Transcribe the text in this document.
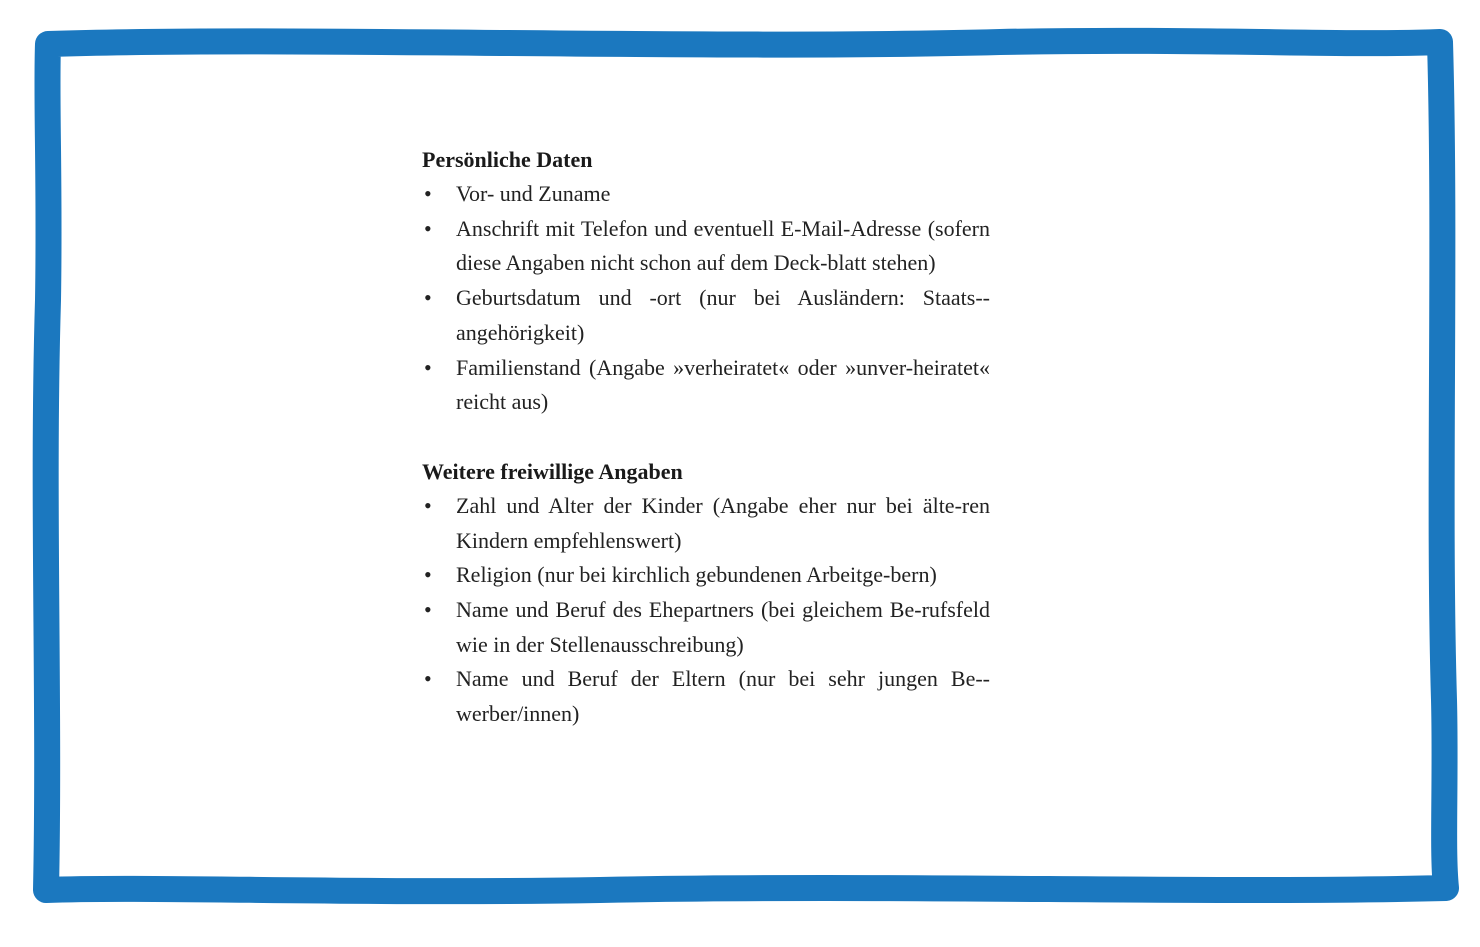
Persönliche Daten
• Vor- und Zuname
• Anschrift mit Telefon und eventuell E-Mail-Adresse (sofern diese Angaben nicht schon auf dem Deck-blatt stehen)
• Geburtsdatum und -ort (nur bei Ausländern: Staats-angehörigkeit)
• Familienstand (Angabe »verheiratet« oder »unver-heiratet« reicht aus)
Weitere freiwillige Angaben
• Zahl und Alter der Kinder (Angabe eher nur bei älte-ren Kindern empfehlenswert)
• Religion (nur bei kirchlich gebundenen Arbeitge-bern)
• Name und Beruf des Ehepartners (bei gleichem Be-rufsfeld wie in der Stellenausschreibung)
• Name und Beruf der Eltern (nur bei sehr jungen Be-werber/innen)
